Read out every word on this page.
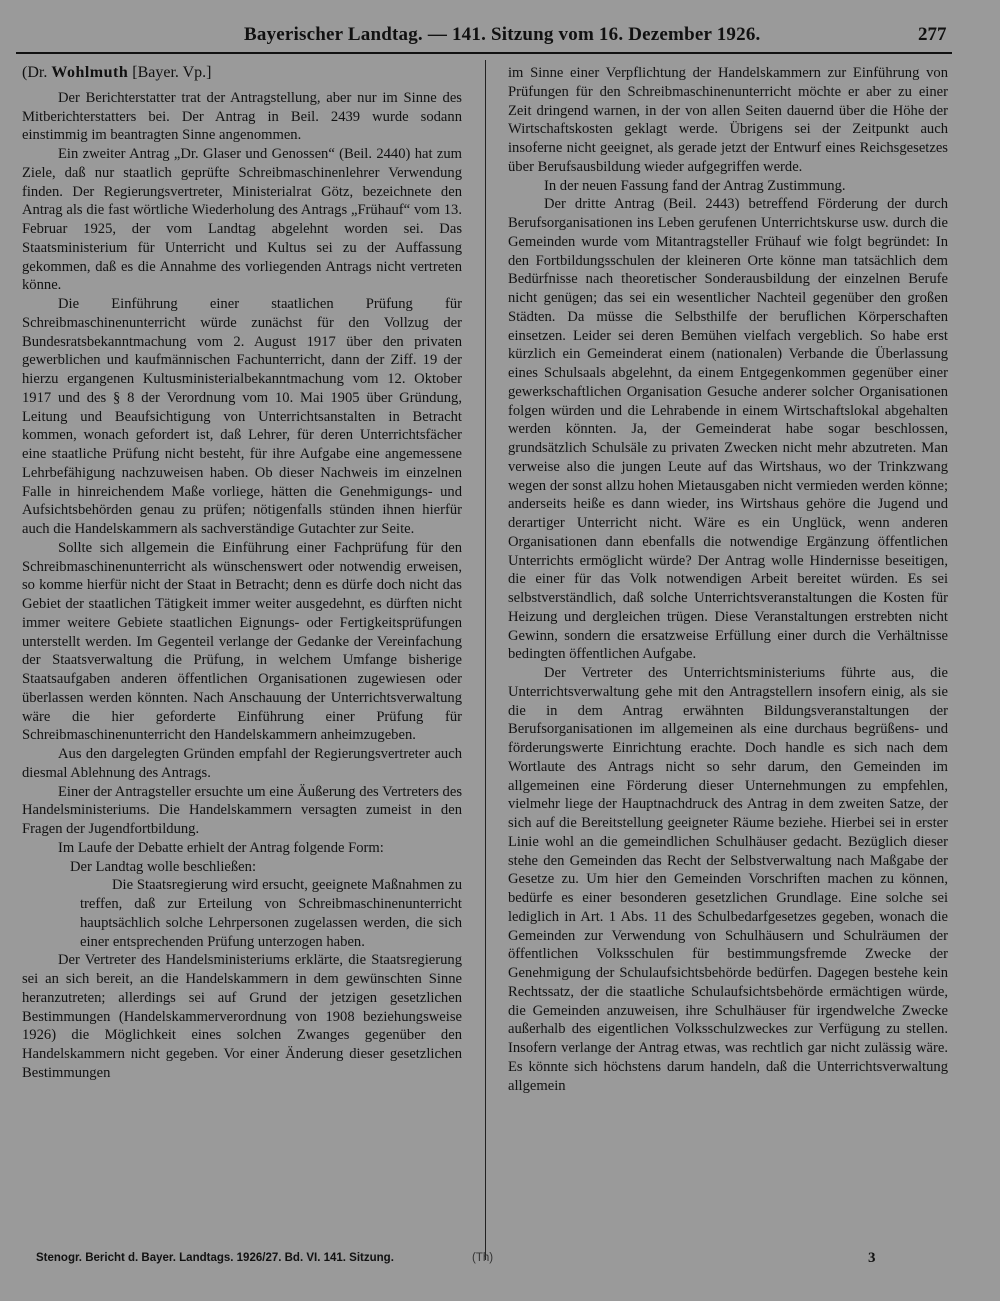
Bayerischer Landtag. — 141. Sitzung vom 16. Dezember 1926.	277
(Dr. Wohlmuth [Bayer. Vp.]

Der Berichterstatter trat der Antragstellung, aber nur im Sinne des Mitberichterstatters bei. Der Antrag in Beil. 2439 wurde sodann einstimmig im beantragten Sinne angenommen.

Ein zweiter Antrag „Dr. Glaser und Genossen“ (Beil. 2440) hat zum Ziele, daß nur staatlich geprüfte Schreibmaschinenlehrer Verwendung finden. Der Regierungsvertreter, Ministerialrat Götz, bezeichnete den Antrag als die fast wörtliche Wiederholung des Antrags „Frühauf“ vom 13. Februar 1925, der vom Landtag abgelehnt worden sei. Das Staatsministerium für Unterricht und Kultus sei zu der Auffassung gekommen, daß es die Annahme des vorliegenden Antrags nicht vertreten könne.

Die Einführung einer staatlichen Prüfung für Schreibmaschinenunterricht würde zunächst für den Vollzug der Bundesratsbekanntmachung vom 2. August 1917 über den privaten gewerblichen und kaufmännischen Fachunterricht, dann der Ziff. 19 der hierzu ergangenen Kultusministerialbekanntmachung vom 12. Oktober 1917 und des § 8 der Verordnung vom 10. Mai 1905 über Gründung, Leitung und Beaufsichtigung von Unterrichtsanstalten in Betracht kommen, wonach gefordert ist, daß Lehrer, für deren Unterrichtsfächer eine staatliche Prüfung nicht besteht, für ihre Aufgabe eine angemessene Lehrbefähigung nachzuweisen haben. Ob dieser Nachweis im einzelnen Falle in hinreichendem Maße vorliege, hätten die Genehmigungs- und Aufsichtsbehörden genau zu prüfen; nötigenfalls stünden ihnen hierfür auch die Handelskammern als sachverständige Gutachter zur Seite.

Sollte sich allgemein die Einführung einer Fachprüfung für den Schreibmaschinenunterricht als wünschenswert oder notwendig erweisen, so komme hierfür nicht der Staat in Betracht; denn es dürfe doch nicht das Gebiet der staatlichen Tätigkeit immer weiter ausgedehnt, es dürften nicht immer weitere Gebiete staatlichen Eignungs- oder Fertigkeitsprüfungen unterstellt werden. Im Gegenteil verlange der Gedanke der Vereinfachung der Staatsverwaltung die Prüfung, in welchem Umfange bisherige Staatsaufgaben anderen öffentlichen Organisationen zugewiesen oder überlassen werden könnten. Nach Anschauung der Unterrichtsverwaltung wäre die hier geforderte Einführung einer Prüfung für Schreibmaschinenunterricht den Handelskammern anheimzugeben.

Aus den dargelegten Gründen empfahl der Regierungsvertreter auch diesmal Ablehnung des Antrags.

Einer der Antragsteller ersuchte um eine Äußerung des Vertreters des Handelsministeriums. Die Handelskammern versagten zumeist in den Fragen der Jugendfortbildung.

Im Laufe der Debatte erhielt der Antrag folgende Form:

Der Landtag wolle beschließen:

Die Staatsregierung wird ersucht, geeignete Maßnahmen zu treffen, daß zur Erteilung von Schreibmaschinenunterricht hauptsächlich solche Lehrpersonen zugelassen werden, die sich einer entsprechenden Prüfung unterzogen haben.

Der Vertreter des Handelsministeriums erklärte, die Staatsregierung sei an sich bereit, an die Handelskammern in dem gewünschten Sinne heranzutreten; allerdings sei auf Grund der jetzigen gesetzlichen Bestimmungen (Handelskammerverordnung von 1908 beziehungsweise 1926) die Möglichkeit eines solchen Zwanges gegenüber den Handelskammern nicht gegeben. Vor einer Änderung dieser gesetzlichen Bestimmungen

im Sinne einer Verpflichtung der Handelskammern zur Einführung von Prüfungen für den Schreibmaschinenunterricht möchte er aber zu einer Zeit dringend warnen, in der von allen Seiten dauernd über die Höhe der Wirtschaftskosten geklagt werde. Übrigens sei der Zeitpunkt auch insoferne nicht geeignet, als gerade jetzt der Entwurf eines Reichsgesetzes über Berufsausbildung wieder aufgegriffen werde.

In der neuen Fassung fand der Antrag Zustimmung.

Der dritte Antrag (Beil. 2443) betreffend Förderung der durch Berufsorganisationen ins Leben gerufenen Unterrichtskurse usw. durch die Gemeinden wurde vom Mitantragsteller Frühauf wie folgt begründet: In den Fortbildungsschulen der kleineren Orte könne man tatsächlich dem Bedürfnisse nach theoretischer Sonderausbildung der einzelnen Berufe nicht genügen; das sei ein wesentlicher Nachteil gegenüber den großen Städten. Da müsse die Selbsthilfe der beruflichen Körperschaften einsetzen. Leider sei deren Bemühen vielfach vergeblich. So habe erst kürzlich ein Gemeinderat einem (nationalen) Verbande die Überlassung eines Schulsaals abgelehnt, da einem Entgegenkommen gegenüber einer gewerkschaftlichen Organisation Gesuche anderer solcher Organisationen folgen würden und die Lehrabende in einem Wirtschaftslokal abgehalten werden könnten. Ja, der Gemeinderat habe sogar beschlossen, grundsätzlich Schulsäle zu privaten Zwecken nicht mehr abzutreten. Man verweise also die jungen Leute auf das Wirtshaus, wo der Trinkzwang wegen der sonst allzu hohen Mietausgaben nicht vermieden werden könne; anderseits heiße es dann wieder, ins Wirtshaus gehöre die Jugend und derartiger Unterricht nicht. Wäre es ein Unglück, wenn anderen Organisationen dann ebenfalls die notwendige Ergänzung öffentlichen Unterrichts ermöglicht würde? Der Antrag wolle Hindernisse beseitigen, die einer für das Volk notwendigen Arbeit bereitet würden. Es sei selbstverständlich, daß solche Unterrichtsveranstaltungen die Kosten für Heizung und dergleichen trügen. Diese Veranstaltungen erstrebten nicht Gewinn, sondern die ersatzweise Erfüllung einer durch die Verhältnisse bedingten öffentlichen Aufgabe.

Der Vertreter des Unterrichtsministeriums führte aus, die Unterrichtsverwaltung gehe mit den Antragstellern insofern einig, als sie die in dem Antrag erwähnten Bildungsveranstaltungen der Berufsorganisationen im allgemeinen als eine durchaus begrüßens- und förderungswerte Einrichtung erachte. Doch handle es sich nach dem Wortlaute des Antrags nicht so sehr darum, den Gemeinden im allgemeinen eine Förderung dieser Unternehmungen zu empfehlen, vielmehr liege der Hauptnachdruck des Antrag in dem zweiten Satze, der sich auf die Bereitstellung geeigneter Räume beziehe. Hierbei sei in erster Linie wohl an die gemeindlichen Schulhäuser gedacht. Bezüglich dieser stehe den Gemeinden das Recht der Selbstverwaltung nach Maßgabe der Gesetze zu. Um hier den Gemeinden Vorschriften machen zu können, bedürfe es einer besonderen gesetzlichen Grundlage. Eine solche sei lediglich in Art. 1 Abs. 11 des Schulbedarfgesetzes gegeben, wonach die Gemeinden zur Verwendung von Schulhäusern und Schulräumen der öffentlichen Volksschulen für bestimmungsfremde Zwecke der Genehmigung der Schulaufsichtsbehörde bedürfen. Dagegen bestehe kein Rechtssatz, der die staatliche Schulaufsichtsbehörde ermächtigen würde, die Gemeinden anzuweisen, ihre Schulhäuser für irgendwelche Zwecke außerhalb des eigentlichen Volksschulzweckes zur Verfügung zu stellen. Insofern verlange der Antrag etwas, was rechtlich gar nicht zulässig wäre. Es könnte sich höchstens darum handeln, daß die Unterrichtsverwaltung allgemein

Stenogr. Bericht d. Bayer. Landtags. 1926/27. Bd. VI. 141. Sitzung.	(Th)	3
